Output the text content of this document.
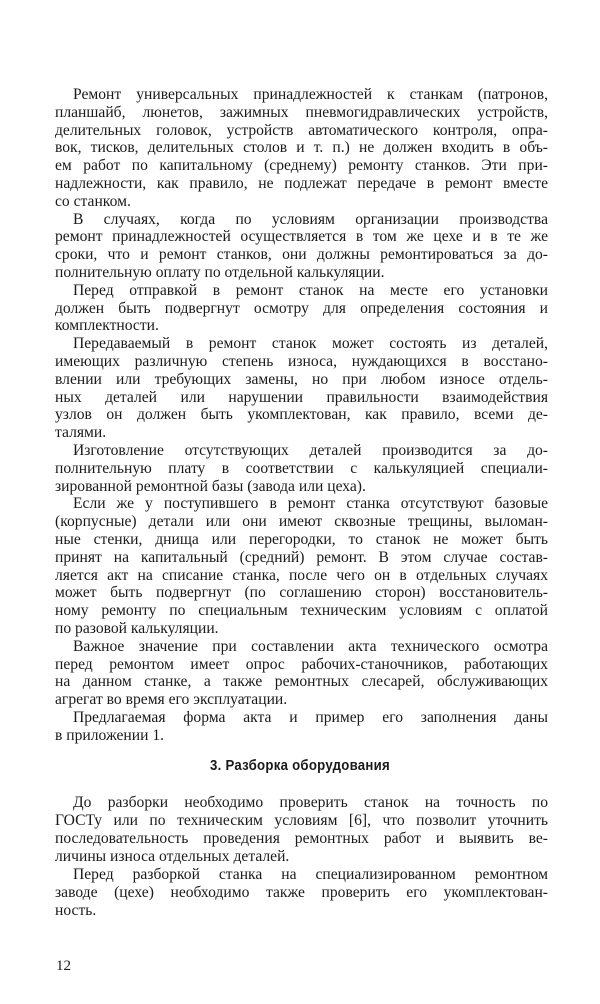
3. Разборка оборудования
12
Ремонт универсальных принадлежностей к станкам (патронов,
планшайб, люнетов, зажимных пневмогидравлических устройств,
делительных головок, устройств автоматического контроля, опра-
вок, тисков, делительных столов и т. п.) не должен входить в объ-
ем работ по капитальному (среднему) ремонту станков. Эти при-
надлежности, как правило, не подлежат передаче в ремонт вместе
со станком.
В случаях, когда по условиям организации производства
ремонт принадлежностей осуществляется в том же цехе и в те же
сроки, что и ремонт станков, они должны ремонтироваться за до-
полнительную оплату по отдельной калькуляции.
Перед отправкой в ремонт станок на месте его установки
должен быть подвергнут осмотру для определения состояния и
комплектности.
Передаваемый в ремонт станок может состоять из деталей,
имеющих различную степень износа, нуждающихся в восстано-
влении или требующих замены, но при любом износе отдель-
ных деталей или нарушении правильности взаимодействия
узлов он должен быть укомплектован, как правило, всеми де-
талями.
Изготовление отсутствующих деталей производится за до-
полнительную плату в соответствии с калькуляцией специали-
зированной ремонтной базы (завода или цеха).
Если же у поступившего в ремонт станка отсутствуют базовые
(корпусные) детали или они имеют сквозные трещины, выломан-
ные стенки, днища или перегородки, то станок не может быть
принят на капитальный (средний) ремонт. В этом случае состав-
ляется акт на списание станка, после чего он в отдельных случаях
может быть подвергнут (по соглашению сторон) восстановитель-
ному ремонту по специальным техническим условиям с оплатой
по разовой калькуляции.
Важное значение при составлении акта технического осмотра
перед ремонтом имеет опрос рабочих-станочников, работающих
на данном станке, а также ремонтных слесарей, обслуживающих
агрегат во время его эксплуатации.
Предлагаемая форма акта и пример его заполнения даны
в приложении 1.
До разборки необходимо проверить станок на точность по
ГОСТу или по техническим условиям [6], что позволит уточнить
последовательность проведения ремонтных работ и выявить ве-
личины износа отдельных деталей.
Перед разборкой станка на специализированном ремонтном
заводе (цехе) необходимо также проверить его укомплектован-
ность.
